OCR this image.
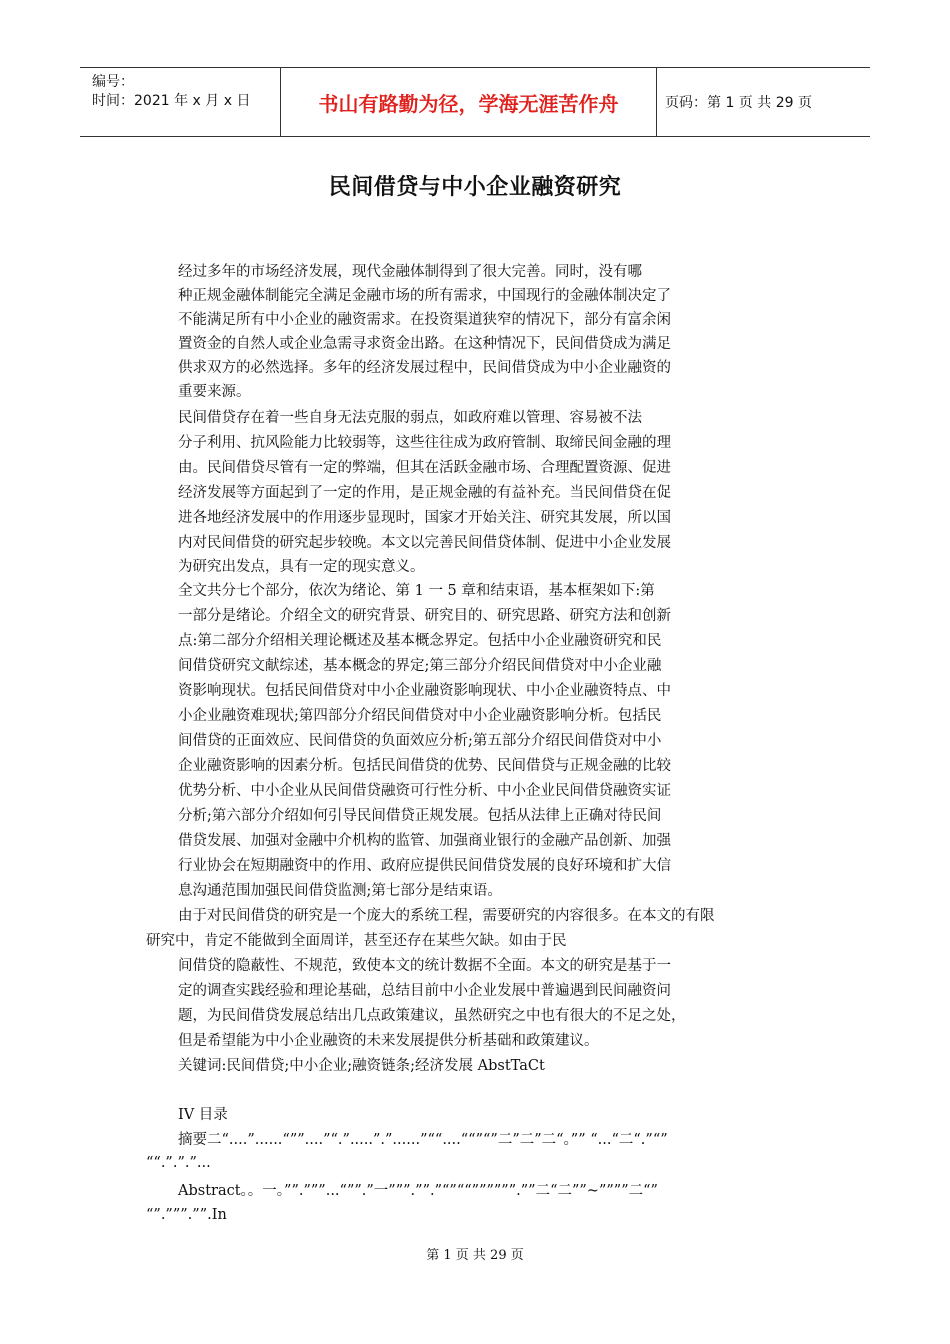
编号：
时间：2021 年 x 月 x 日	书山有路勤为径，学海无涯苦作舟	页码：第 1 页 共 29 页
民间借贷与中小企业融资研究
经过多年的市场经济发展，现代金融体制得到了很大完善。同时，没有哪
种正规金融体制能完全满足金融市场的所有需求，中国现行的金融体制决定了
不能满足所有中小企业的融资需求。在投资渠道狭窄的情况下，部分有富余闲
置资金的自然人或企业急需寻求资金出路。在这种情况下，民间借贷成为满足
供求双方的必然选择。多年的经济发展过程中，民间借贷成为中小企业融资的
重要来源。
民间借贷存在着一些自身无法克服的弱点，如政府难以管理、容易被不法
分子利用、抗风险能力比较弱等，这些往往成为政府管制、取缔民间金融的理
由。民间借贷尽管有一定的弊端，但其在活跃金融市场、合理配置资源、促进
经济发展等方面起到了一定的作用，是正规金融的有益补充。当民间借贷在促
进各地经济发展中的作用逐步显现时，国家才开始关注、研究其发展，所以国
内对民间借贷的研究起步较晚。本文以完善民间借贷体制、促进中小企业发展
为研究出发点，具有一定的现实意义。
全文共分七个部分，依次为绪论、第 1 一 5 章和结束语，基本框架如下:第
一部分是绪论。介绍全文的研究背景、研究目的、研究思路、研究方法和创新
点:第二部分介绍相关理论概述及基本概念界定。包括中小企业融资研究和民
间借贷研究文献综述，基本概念的界定;第三部分介绍民间借贷对中小企业融
资影响现状。包括民间借贷对中小企业融资影响现状、中小企业融资特点、中
小企业融资难现状;第四部分介绍民间借贷对中小企业融资影响分析。包括民
间借贷的正面效应、民间借贷的负面效应分析;第五部分介绍民间借贷对中小
企业融资影响的因素分析。包括民间借贷的优势、民间借贷与正规金融的比较
优势分析、中小企业从民间借贷融资可行性分析、中小企业民间借贷融资实证
分析;第六部分介绍如何引导民间借贷正规发展。包括从法律上正确对待民间
借贷发展、加强对金融中介机构的监管、加强商业银行的金融产品创新、加强
行业协会在短期融资中的作用、政府应提供民间借贷发展的良好环境和扩大信
息沟通范围加强民间借贷监测;第七部分是结束语。
由于对民间借贷的研究是一个庞大的系统工程，需要研究的内容很多。在本文的有限
研究中，肯定不能做到全面周详，甚至还存在某些欠缺。如由于民
间借贷的隐蔽性、不规范，致使本文的统计数据不全面。本文的研究是基于一
定的调查实践经验和理论基础，总结目前中小企业发展中普遍遇到民间融资问
题，为民间借贷发展总结出几点政策建议，虽然研究之中也有很大的不足之处，
但是希望能为中小企业融资的未来发展提供分析基础和政策建议。
关键词:民间借贷;中小企业;融资链条;经济发展 AbstTaCt
IV 目录
摘要二“....”......“””....”“.”.....”.”......”““....““”“”二”二”二“。”” “...“二“.”“”
““.”.”.”...
Abstract。。一。””.”””...“””.”一”””.””.”“”““””””””.””二“二””~””””二“”
“”.”””.””.In
第 1 页 共 29 页
